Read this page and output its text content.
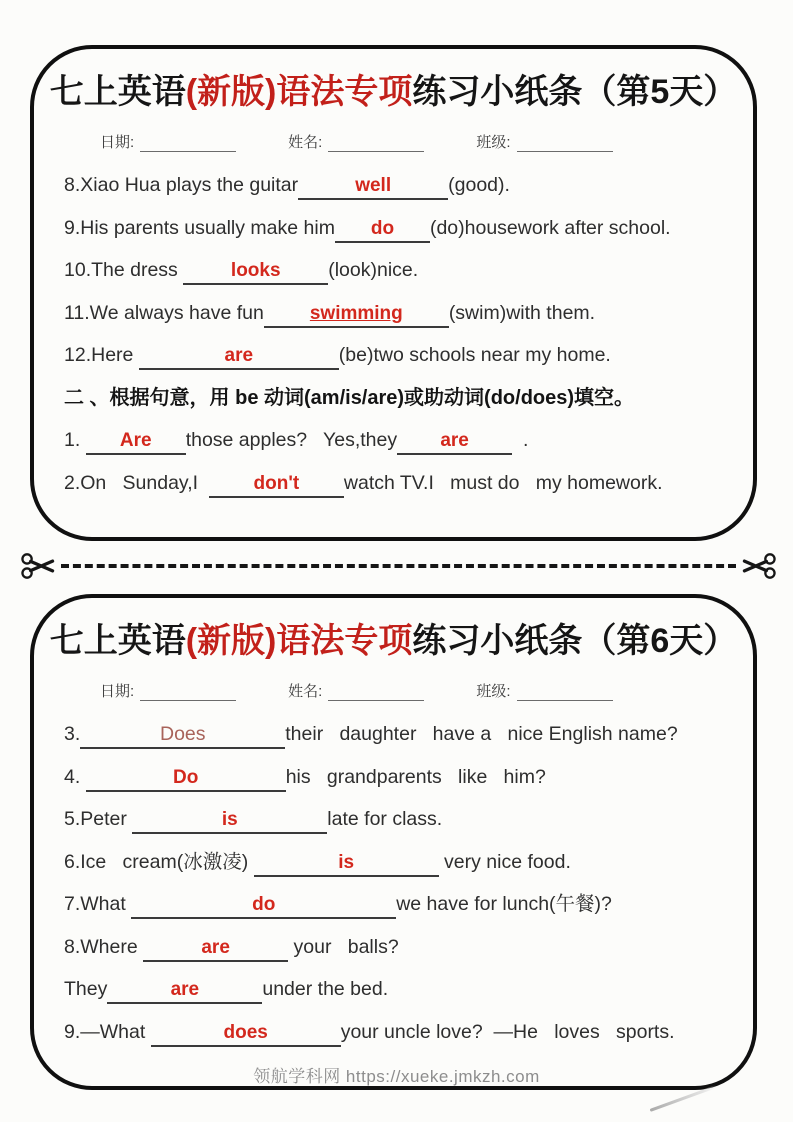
七上英语(新版)语法专项练习小纸条（第5天）
日期:	姓名:	班级:
8.Xiao Hua plays the guitar	well	(good).
9.His parents usually make him do (do)housework after school.
10.The dress	looks (look)nice.
11.We always have fun swimming (swim)with them.
12.Here	are	(be)two schools near my home.
二 、根据句意，用 be 动词(am/is/are)或助动词(do/does)填空。
1. Are those apples?   Yes,they are  .
2.On   Sunday,I  don't watch TV.I   must do   my homework.
七上英语(新版)语法专项练习小纸条（第6天）
日期:	姓名:	班级:
3.	Does	their   daughter   have a   nice English name?
4.	Do	his   grandparents   like   him?
5.Peter	is	late for class.
6.Ice   cream(冰激凌)	is	very nice food.
7.What	do	we have for lunch(午餐)?
8.Where	are	your   balls?
They	are	under the bed.
9.—What	does	your uncle love?  —He   loves   sports.
领航学科网 https://xueke.jmkzh.com
